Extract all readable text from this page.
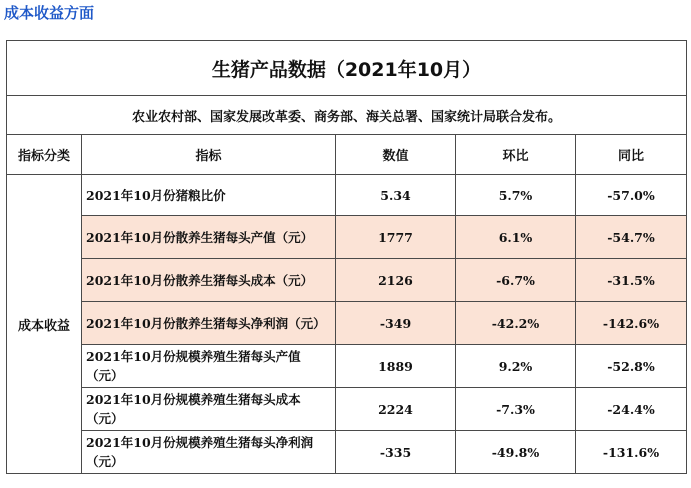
成本收益方面
生猪产品数据（2021年10月）				
农业农村部、国家发展改革委、商务部、海关总署、国家统计局联合发布。				
指标分类	指标	数值	环比	同比
成本收益	2021年10月份猪粮比价	5.34	5.7%	-57.0%
	2021年10月份散养生猪每头产值（元）	1777	6.1%	-54.7%
	2021年10月份散养生猪每头成本（元）	2126	-6.7%	-31.5%
	2021年10月份散养生猪每头净利润（元）	-349	-42.2%	-142.6%
	2021年10月份规模养殖生猪每头产值（元）	1889	9.2%	-52.8%
	2021年10月份规模养殖生猪每头成本（元）	2224	-7.3%	-24.4%
	2021年10月份规模养殖生猪每头净利润（元）	-335	-49.8%	-131.6%
